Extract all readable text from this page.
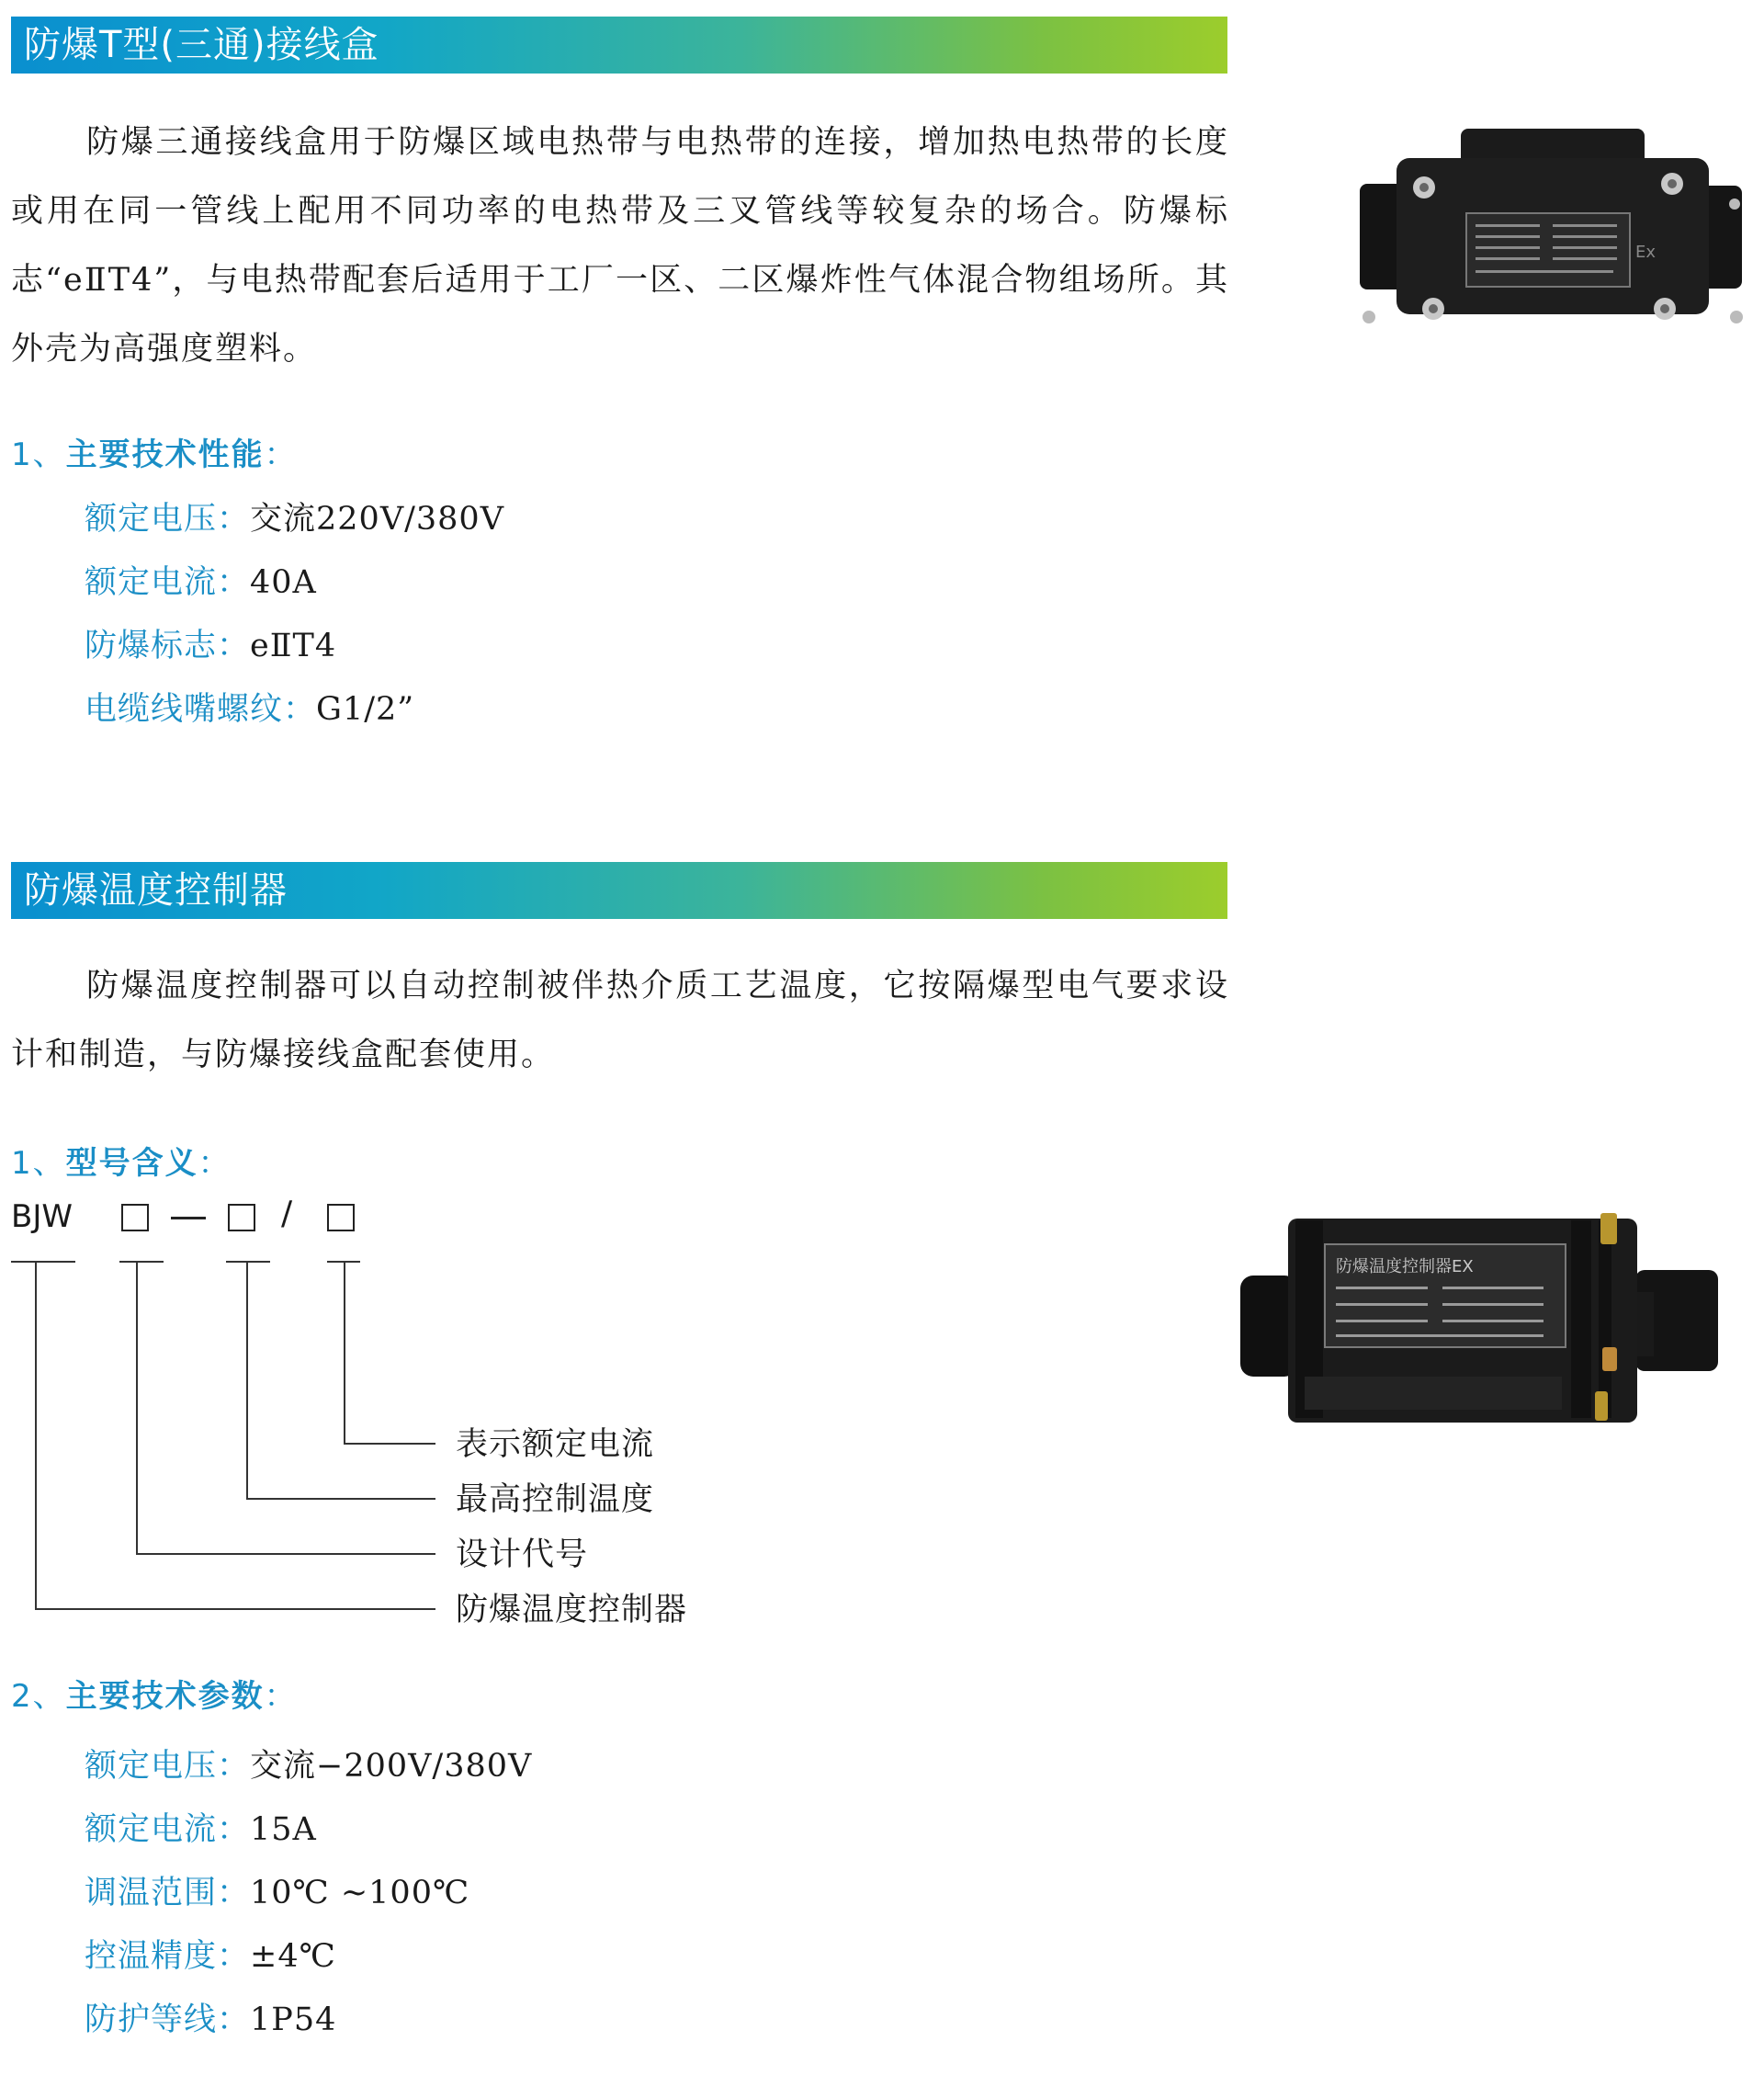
防爆T型(三通)接线盒

防爆三通接线盒用于防爆区域电热带与电热带的连接，增加热电热带的长度或用在同一管线上配用不同功率的电热带及三叉管线等较复杂的场合。防爆标志“eⅡT4”，与电热带配套后适用于工厂一区、二区爆炸性气体混合物组场所。其外壳为高强度塑料。

Ex
1、主要技术性能：
额定电压：交流220V/380V
额定电流：40A
防爆标志：eⅡT4
电缆线嘴螺纹：G1/2”
防爆温度控制器

防爆温度控制器可以自动控制被伴热介质工艺温度，它按隔爆型电气要求设计和制造，与防爆接线盒配套使用。

1、型号含义：
BJW	/
表示额定电流
最高控制温度
设计代号
防爆温度控制器
防爆温度控制器EX
2、主要技术参数：
额定电压：交流−200V/380V
额定电流：15A
调温范围：10℃ ~100℃
控温精度：±4℃
防护等线：1P54
